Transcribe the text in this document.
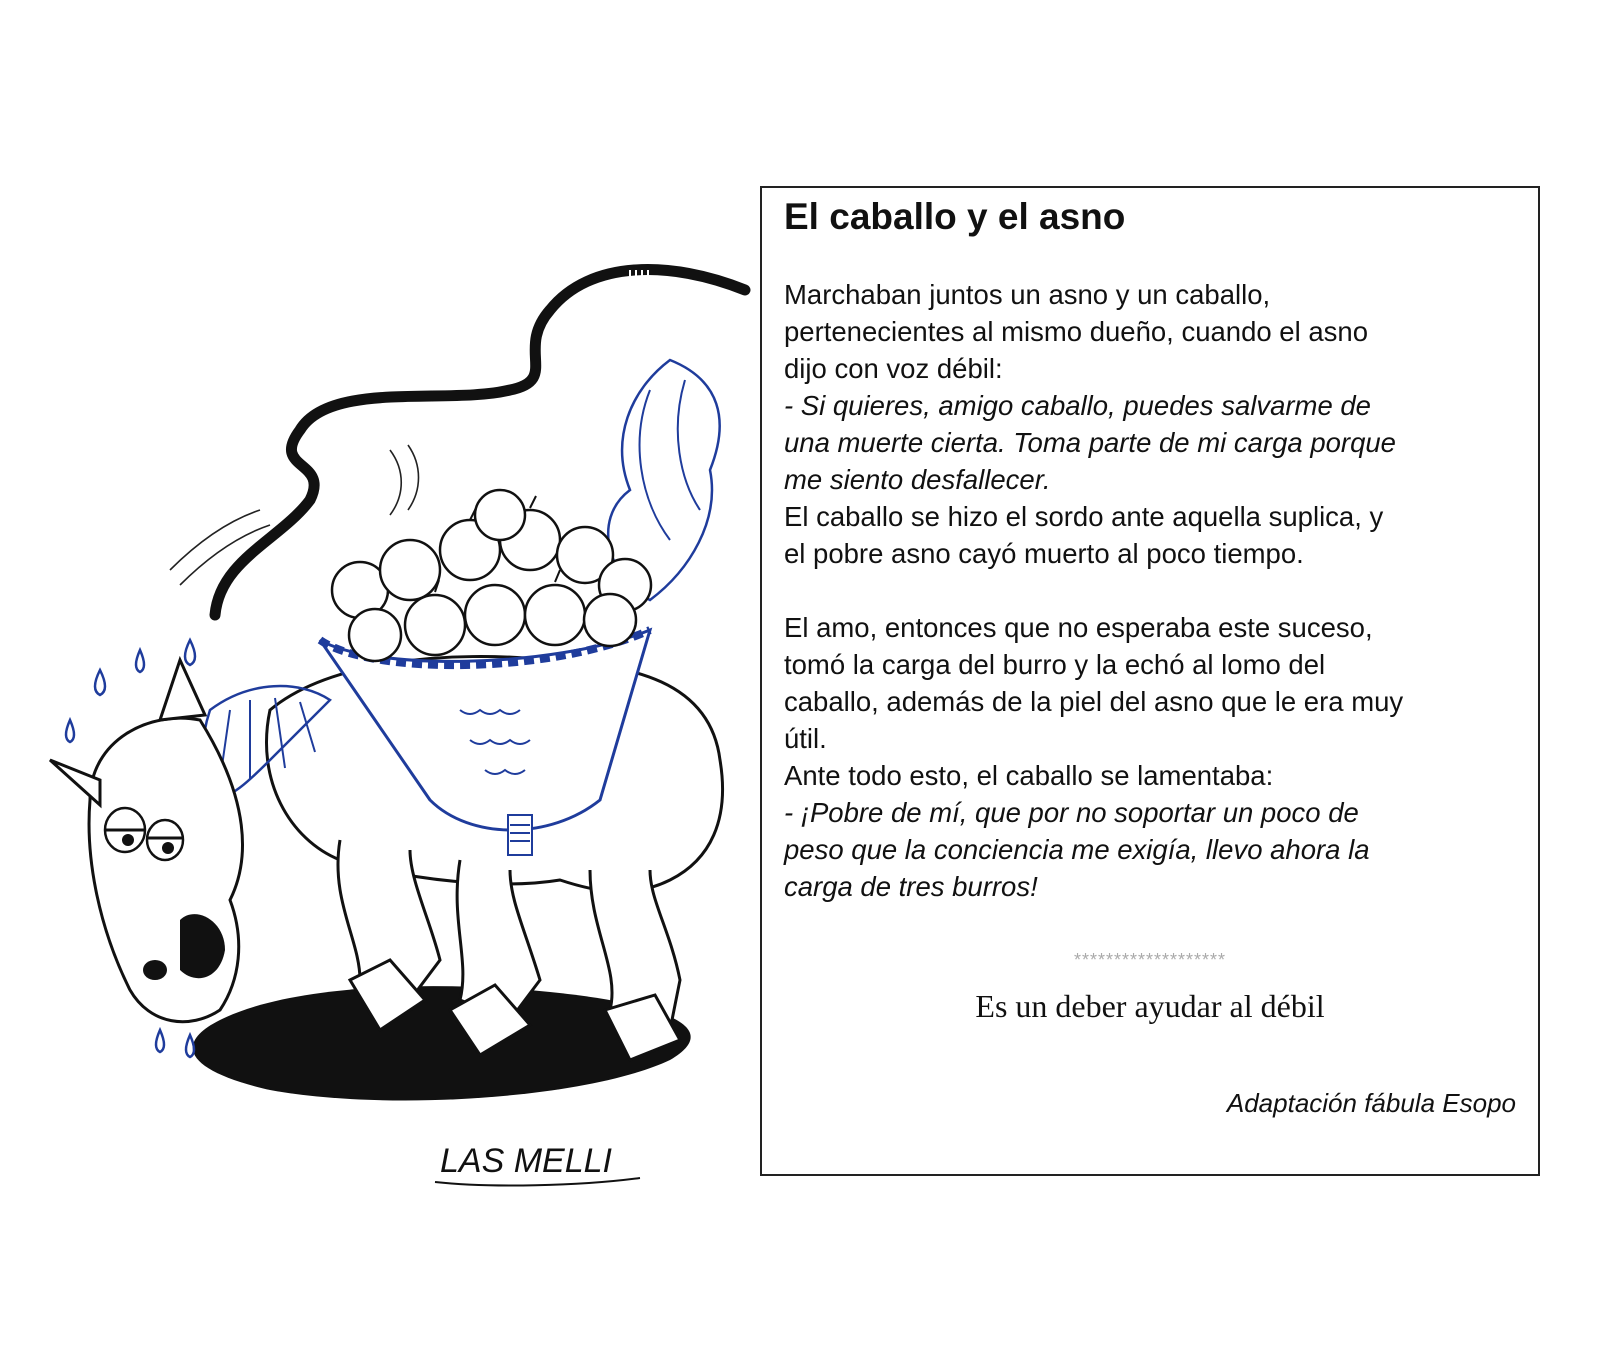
LAS MELLI
El caballo y el asno

Marchaban juntos un asno y un caballo,

pertenecientes al mismo dueño, cuando el asno

dijo con voz débil:

- Si quieres, amigo caballo, puedes salvarme de

una muerte cierta. Toma parte de mi carga porque

me siento desfallecer.

El caballo se hizo el sordo ante aquella suplica, y

el pobre asno cayó muerto al poco tiempo.

El amo, entonces que no esperaba este suceso,

tomó la carga del burro y la echó al lomo del

caballo, además de la piel del asno que le era muy

útil.

Ante todo esto, el caballo se lamentaba:

- ¡Pobre de mí, que por no soportar un poco de

peso que la conciencia me exigía, llevo ahora la

carga de tres burros!

*******************
Es un deber ayudar al débil
Adaptación fábula Esopo
